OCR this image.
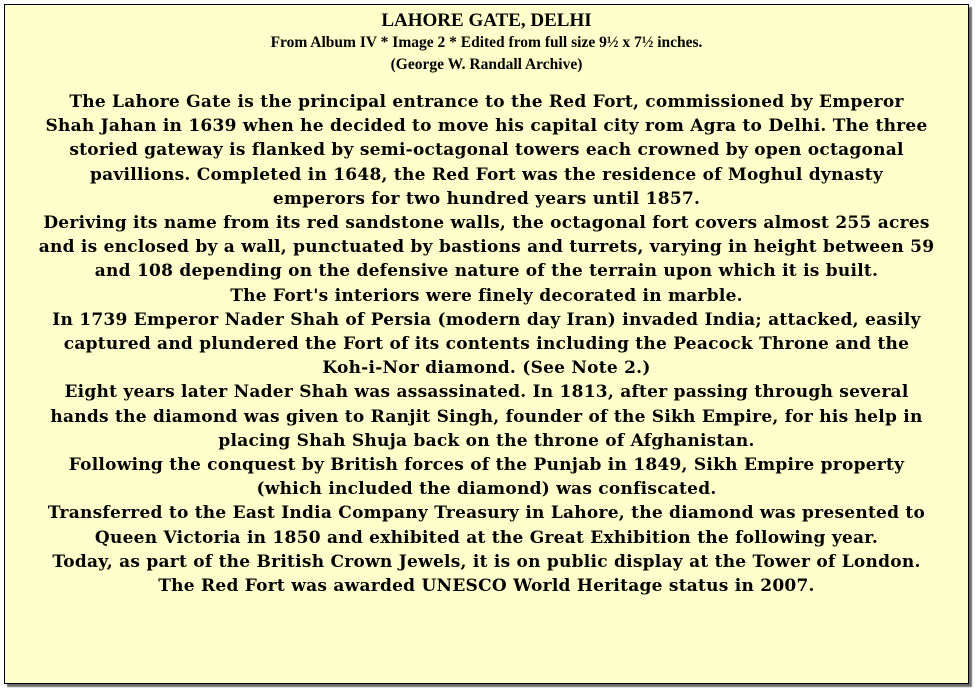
LAHORE GATE, DELHI
From Album IV * Image 2 * Edited from full size 9½ x 7½ inches.
(George W. Randall Archive)
The Lahore Gate is the principal entrance to the Red Fort, commissioned by Emperor
Shah Jahan in 1639 when he decided to move his capital city rom Agra to Delhi. The three
storied gateway is flanked by semi-octagonal towers each crowned by open octagonal
pavillions. Completed in 1648, the Red Fort was the residence of Moghul dynasty
emperors for two hundred years until 1857.
Deriving its name from its red sandstone walls, the octagonal fort covers almost 255 acres
and is enclosed by a wall, punctuated by bastions and turrets, varying in height between 59
and 108 depending on the defensive nature of the terrain upon which it is built.
The Fort's interiors were finely decorated in marble.
In 1739 Emperor Nader Shah of Persia (modern day Iran) invaded India; attacked, easily
captured and plundered the Fort of its contents including the Peacock Throne and the
Koh-i-Nor diamond. (See Note 2.)
Eight years later Nader Shah was assassinated. In 1813, after passing through several
hands the diamond was given to Ranjit Singh, founder of the Sikh Empire, for his help in
placing Shah Shuja back on the throne of Afghanistan.
Following the conquest by British forces of the Punjab in 1849, Sikh Empire property
(which included the diamond) was confiscated.
Transferred to the East India Company Treasury in Lahore, the diamond was presented to
Queen Victoria in 1850 and exhibited at the Great Exhibition the following year.
Today, as part of the British Crown Jewels, it is on public display at the Tower of London.
The Red Fort was awarded UNESCO World Heritage status in 2007.
